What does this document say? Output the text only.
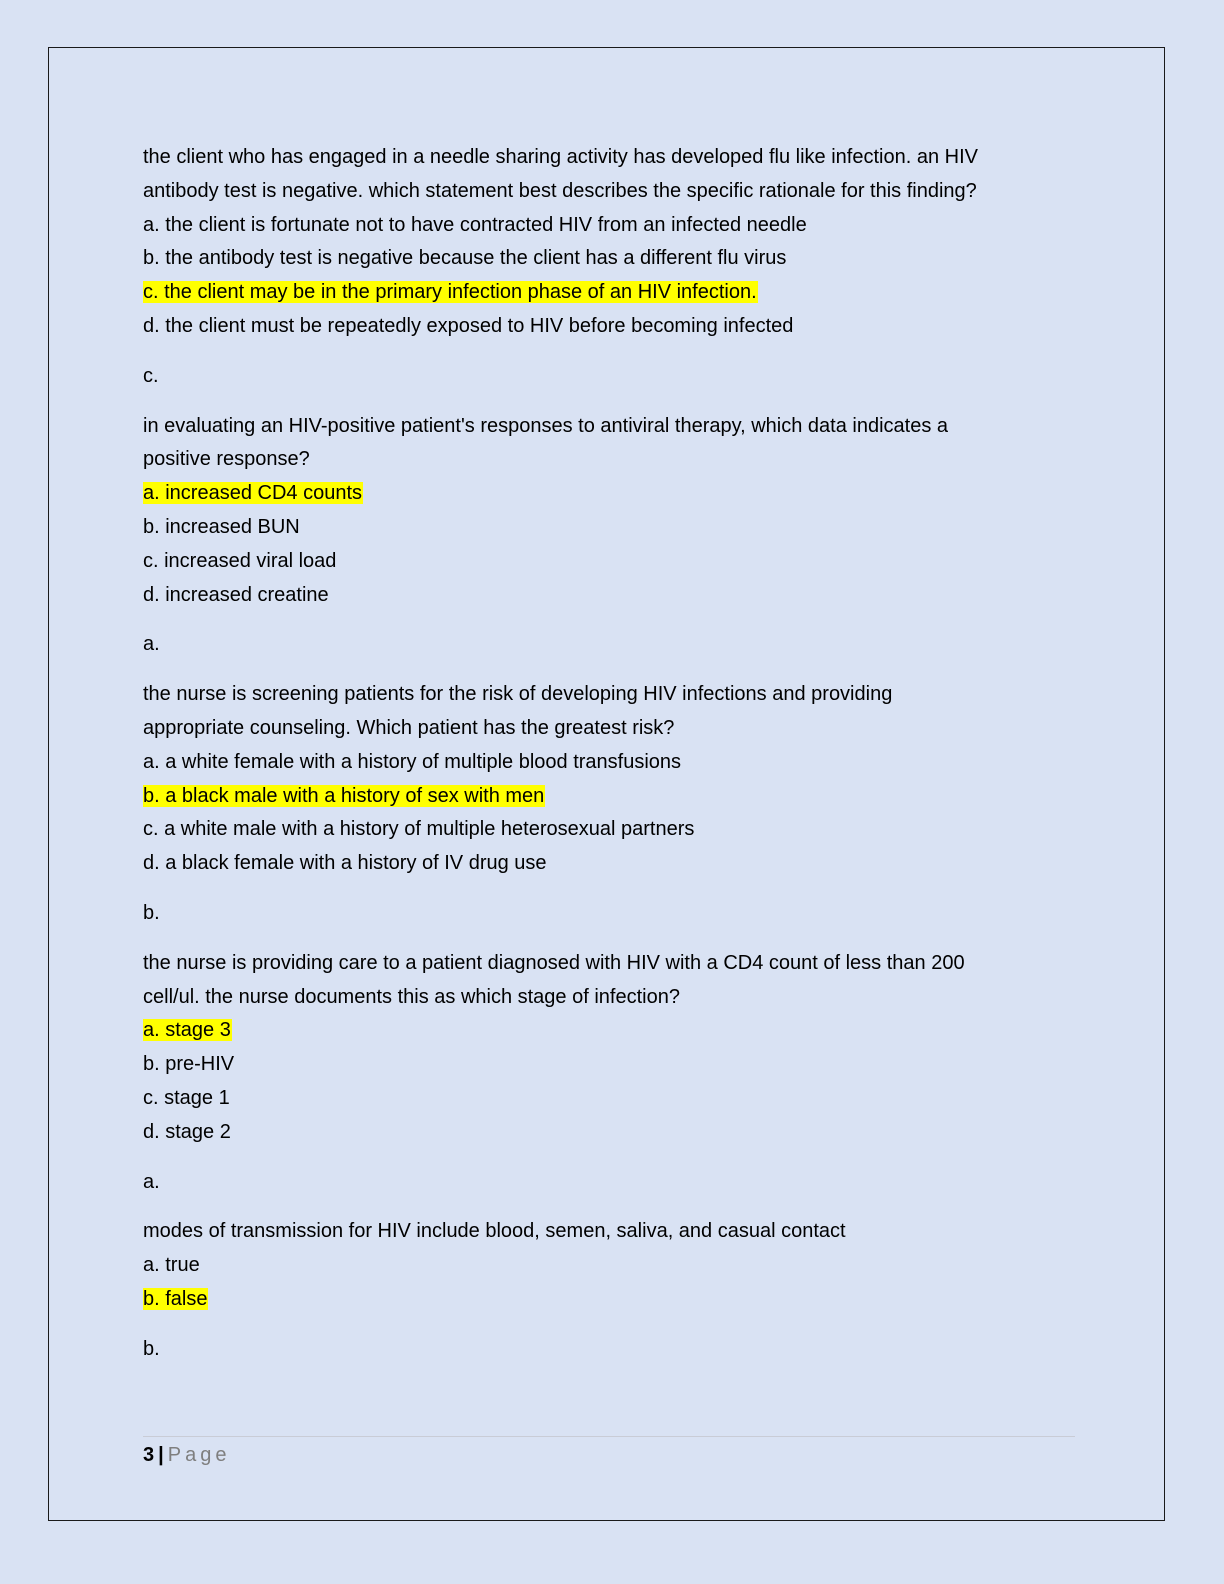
the client who has engaged in a needle sharing activity has developed flu like infection. an HIV
antibody test is negative. which statement best describes the specific rationale for this finding?
a. the client is fortunate not to have contracted HIV from an infected needle
b. the antibody test is negative because the client has a different flu virus
c. the client may be in the primary infection phase of an HIV infection.
d. the client must be repeatedly exposed to HIV before becoming infected
c.
in evaluating an HIV-positive patient's responses to antiviral therapy, which data indicates a
positive response?
a. increased CD4 counts
b. increased BUN
c. increased viral load
d. increased creatine
a.
the nurse is screening patients for the risk of developing HIV infections and providing
appropriate counseling. Which patient has the greatest risk?
a. a white female with a history of multiple blood transfusions
b. a black male with a history of sex with men
c. a white male with a history of multiple heterosexual partners
d. a black female with a history of IV drug use
b.
the nurse is providing care to a patient diagnosed with HIV with a CD4 count of less than 200
cell/ul. the nurse documents this as which stage of infection?
a. stage 3
b. pre-HIV
c. stage 1
d. stage 2
a.
modes of transmission for HIV include blood, semen, saliva, and casual contact
a. true
b. false
b.
3 | Page
